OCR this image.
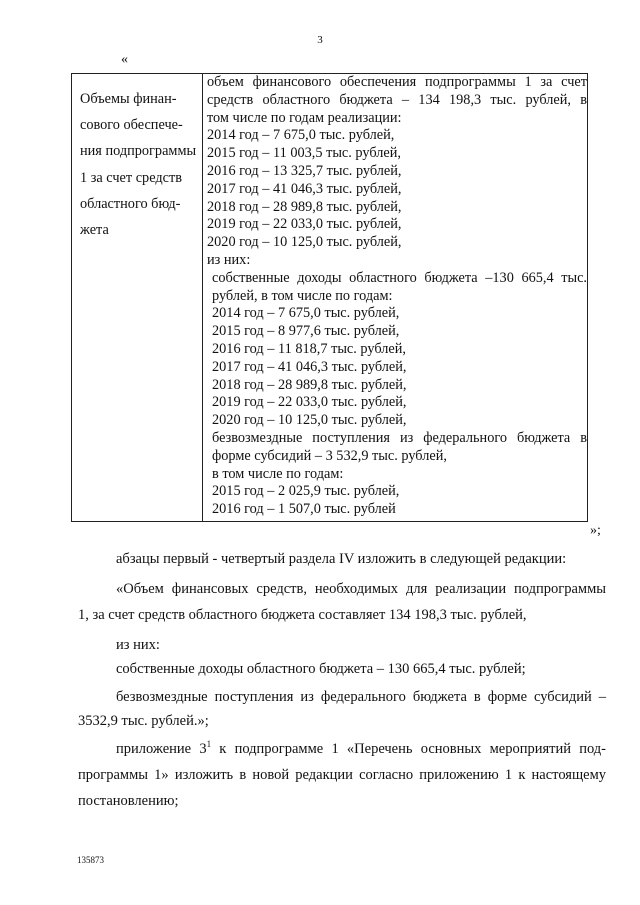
3
«
Объемы финан-
сового обеспече-
ния подпрограммы
1 за счет средств
областного бюд-
жета

объем финансового обеспечения подпрограммы 1 за счет
средств областного бюджета – 134 198,3 тыс. рублей, в
том числе по годам реализации:
2014 год – 7 675,0 тыс. рублей,
2015 год – 11 003,5 тыс. рублей,
2016 год – 13 325,7 тыс. рублей,
2017 год – 41 046,3 тыс. рублей,
2018 год – 28 989,8 тыс. рублей,
2019 год – 22 033,0 тыс. рублей,
2020 год – 10 125,0 тыс. рублей,
из них:
собственные доходы областного бюджета –130 665,4 тыс.
рублей, в том числе по годам:
2014 год – 7 675,0 тыс. рублей,
2015 год – 8 977,6 тыс. рублей,
2016 год – 11 818,7 тыс. рублей,
2017 год – 41 046,3 тыс. рублей,
2018 год – 28 989,8 тыс. рублей,
2019 год – 22 033,0 тыс. рублей,
2020 год – 10 125,0 тыс. рублей,
безвозмездные поступления из федерального бюджета в
форме субсидий – 3 532,9 тыс. рублей,
в том числе по годам:
2015 год – 2 025,9 тыс. рублей,
2016 год – 1 507,0 тыс. рублей
»;
абзацы первый - четвертый раздела IV изложить в следующей редакции:
«Объем финансовых средств, необходимых для реализации подпрограммы
1, за счет средств областного бюджета составляет 134 198,3 тыс. рублей,
из них:
собственные доходы областного бюджета – 130 665,4 тыс. рублей;
безвозмездные поступления из федерального бюджета в форме субсидий –
3532,9 тыс. рублей.»;
приложение $3^1$ к подпрограмме 1 «Перечень основных мероприятий под-
программы 1» изложить в новой редакции согласно приложению 1 к настоящему
постановлению;
135873
